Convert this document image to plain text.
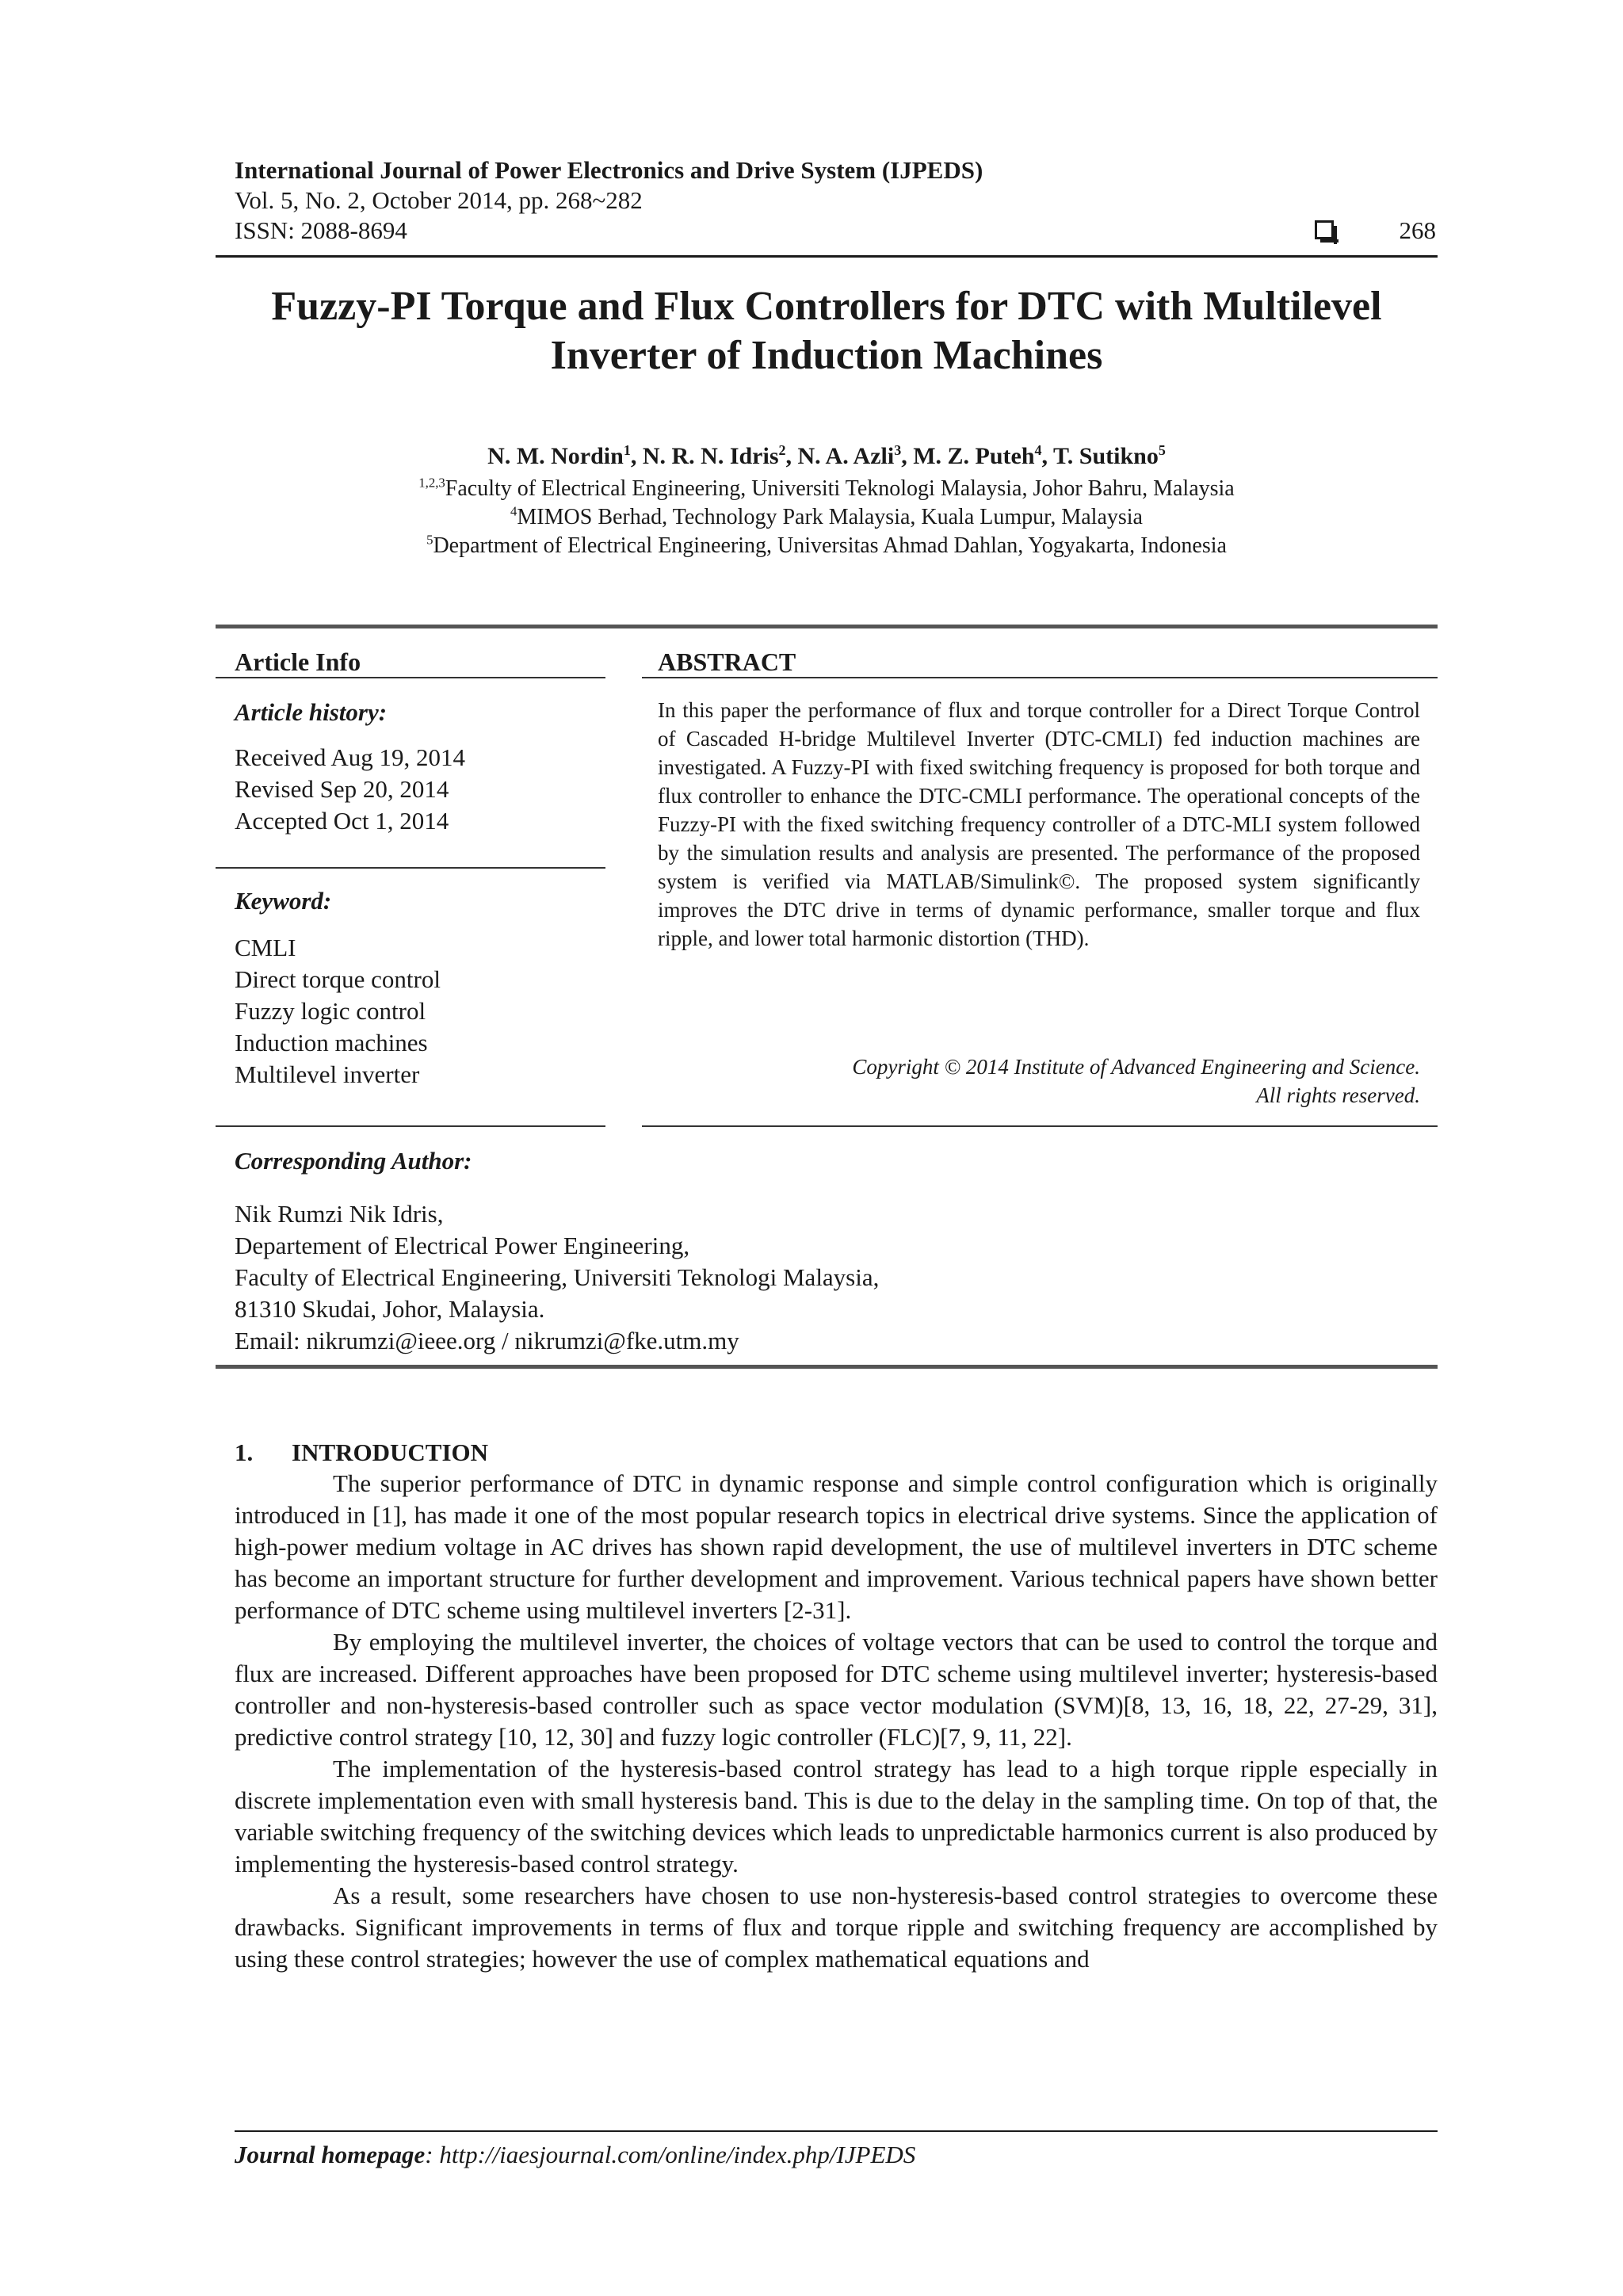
International Journal of Power Electronics and Drive System (IJPEDS)
Vol. 5, No. 2, October 2014, pp. 268~282
ISSN: 2088-8694	268
Fuzzy-PI Torque and Flux Controllers for DTC with Multilevel
Inverter of Induction Machines
N. M. Nordin$^1$, N. R. N. Idris$^2$, N. A. Azli$^3$, M. Z. Puteh$^4$, T. Sutikno$^5$
$^{1,2,3}$Faculty of Electrical Engineering, Universiti Teknologi Malaysia, Johor Bahru, Malaysia
$^4$MIMOS Berhad, Technology Park Malaysia, Kuala Lumpur, Malaysia
$^5$Department of Electrical Engineering, Universitas Ahmad Dahlan, Yogyakarta, Indonesia
Article Info	ABSTRACT
Article history:
Received Aug 19, 2014
Revised Sep 20, 2014
Accepted Oct 1, 2014
Keyword:
CMLI
Direct torque control
Fuzzy logic control
Induction machines
Multilevel inverter
In this paper the performance of flux and torque controller for a Direct Torque Control of Cascaded H-bridge Multilevel Inverter (DTC-CMLI) fed induction machines are investigated. A Fuzzy-PI with fixed switching frequency is proposed for both torque and flux controller to enhance the DTC-CMLI performance. The operational concepts of the Fuzzy-PI with the fixed switching frequency controller of a DTC-MLI system followed by the simulation results and analysis are presented. The performance of the proposed system is verified via MATLAB/Simulink©. The proposed system significantly improves the DTC drive in terms of dynamic performance, smaller torque and flux ripple, and lower total harmonic distortion (THD).
Copyright © 2014 Institute of Advanced Engineering and Science.
All rights reserved.
Corresponding Author:
Nik Rumzi Nik Idris,
Departement of Electrical Power Engineering,
Faculty of Electrical Engineering, Universiti Teknologi Malaysia,
81310 Skudai, Johor, Malaysia.
Email: nikrumzi@ieee.org / nikrumzi@fke.utm.my
1. INTRODUCTION

The superior performance of DTC in dynamic response and simple control configuration which is originally introduced in [1], has made it one of the most popular research topics in electrical drive systems. Since the application of high-power medium voltage in AC drives has shown rapid development, the use of multilevel inverters in DTC scheme has become an important structure for further development and improvement. Various technical papers have shown better performance of DTC scheme using multilevel inverters [2-31].

By employing the multilevel inverter, the choices of voltage vectors that can be used to control the torque and flux are increased. Different approaches have been proposed for DTC scheme using multilevel inverter; hysteresis-based controller and non-hysteresis-based controller such as space vector modulation (SVM)[8, 13, 16, 18, 22, 27-29, 31], predictive control strategy [10, 12, 30] and fuzzy logic controller (FLC)[7, 9, 11, 22].

The implementation of the hysteresis-based control strategy has lead to a high torque ripple especially in discrete implementation even with small hysteresis band. This is due to the delay in the sampling time. On top of that, the variable switching frequency of the switching devices which leads to unpredictable harmonics current is also produced by implementing the hysteresis-based control strategy.

As a result, some researchers have chosen to use non-hysteresis-based control strategies to overcome these drawbacks. Significant improvements in terms of flux and torque ripple and switching frequency are accomplished by using these control strategies; however the use of complex mathematical equations and

Journal homepage: http://iaesjournal.com/online/index.php/IJPEDS
